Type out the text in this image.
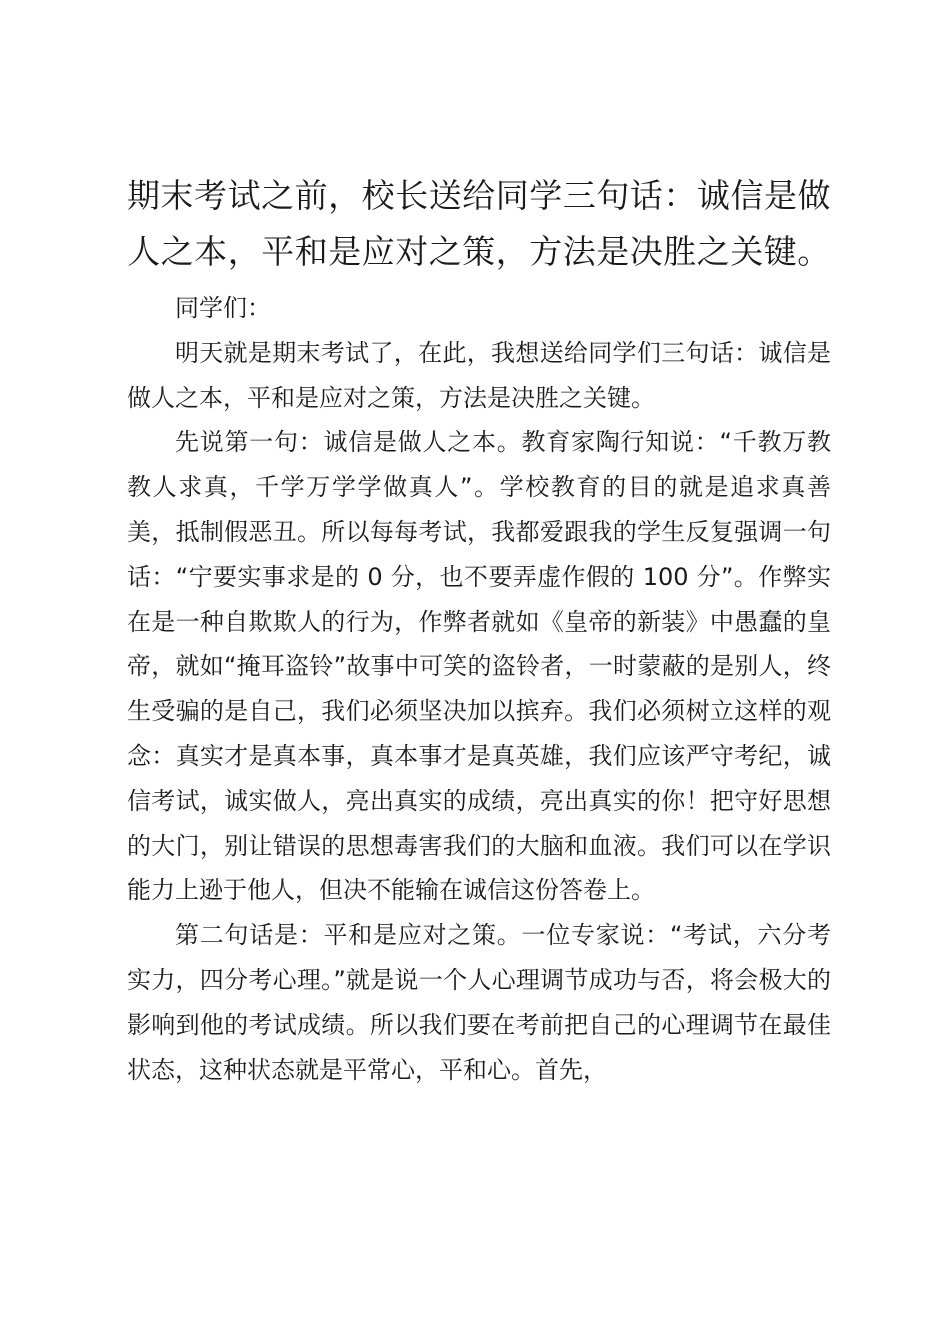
期末考试之前，校长送给同学三句话：诚信是做人之本，平和是应对之策，方法是决胜之关键。

同学们：

明天就是期末考试了，在此，我想送给同学们三句话：诚信是做人之本，平和是应对之策，方法是决胜之关键。

先说第一句：诚信是做人之本。教育家陶行知说：“千教万教教人求真，千学万学学做真人”。学校教育的目的就是追求真善美，抵制假恶丑。所以每每考试，我都爱跟我的学生反复强调一句话：“宁要实事求是的 0 分，也不要弄虚作假的 100 分”。作弊实在是一种自欺欺人的行为，作弊者就如《皇帝的新装》中愚蠢的皇帝，就如“掩耳盗铃”故事中可笑的盗铃者，一时蒙蔽的是别人，终生受骗的是自己，我们必须坚决加以摈弃。我们必须树立这样的观念：真实才是真本事，真本事才是真英雄，我们应该严守考纪，诚信考试，诚实做人，亮出真实的成绩，亮出真实的你！把守好思想的大门，别让错误的思想毒害我们的大脑和血液。我们可以在学识能力上逊于他人，但决不能输在诚信这份答卷上。

第二句话是：平和是应对之策。一位专家说：“考试，六分考实力，四分考心理。”就是说一个人心理调节成功与否，将会极大的影响到他的考试成绩。所以我们要在考前把自己的心理调节在最佳状态，这种状态就是平常心，平和心。首先，
